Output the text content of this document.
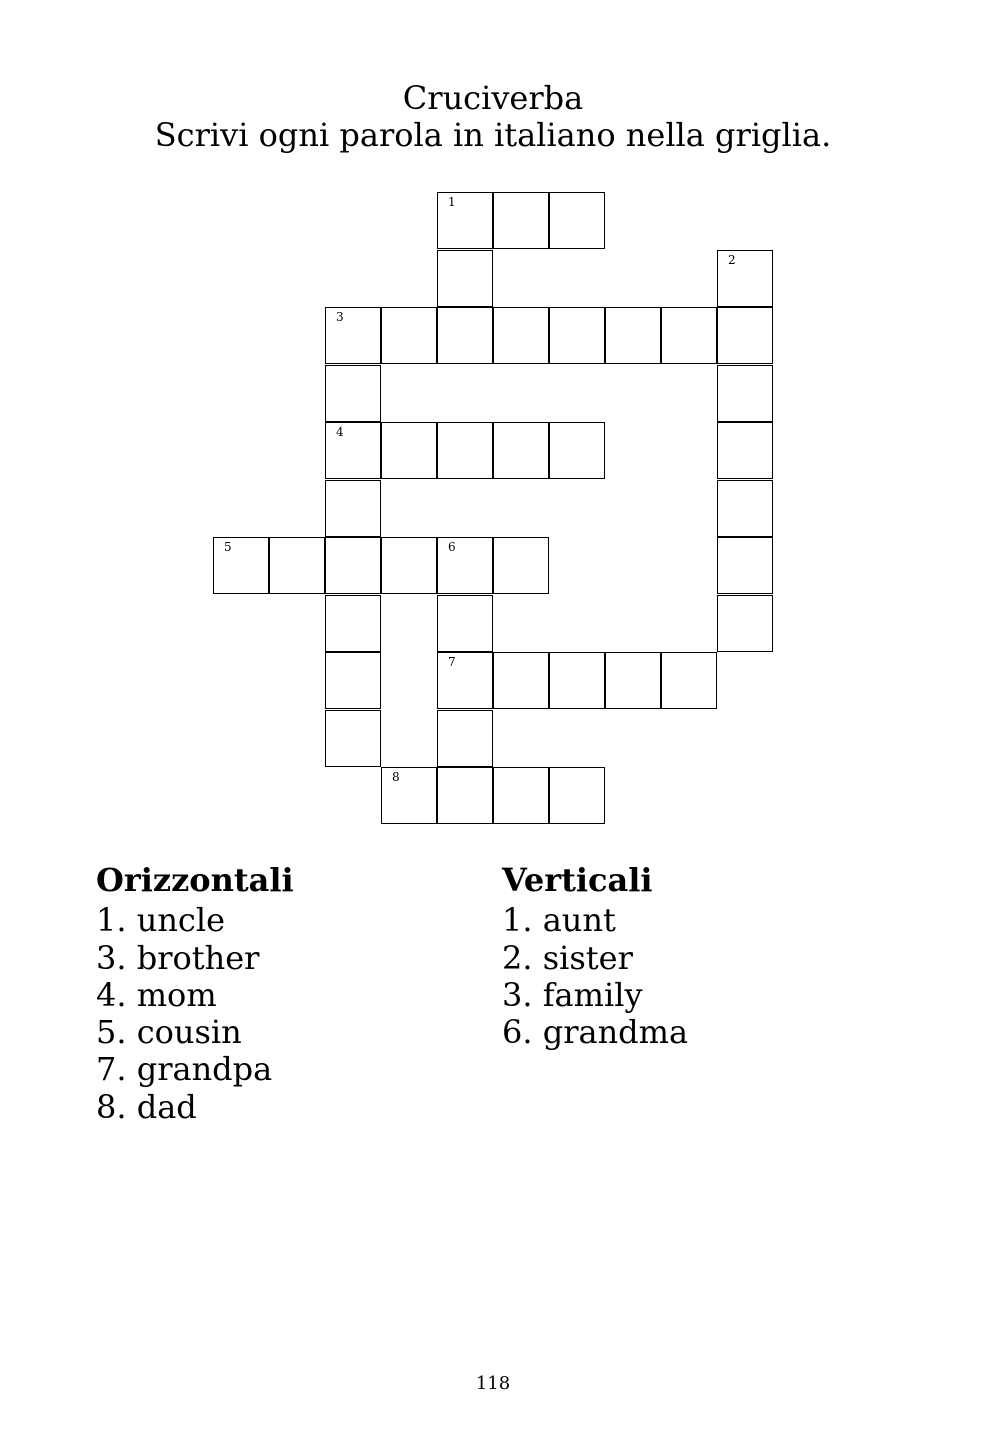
Cruciverba
Scrivi ogni parola in italiano nella griglia.
1
2
3
4
5	6
7
8
Orizzontali
1. uncle
3. brother
4. mom
5. cousin
7. grandpa
8. dad
Verticali
1. aunt
2. sister
3. family
6. grandma
118
